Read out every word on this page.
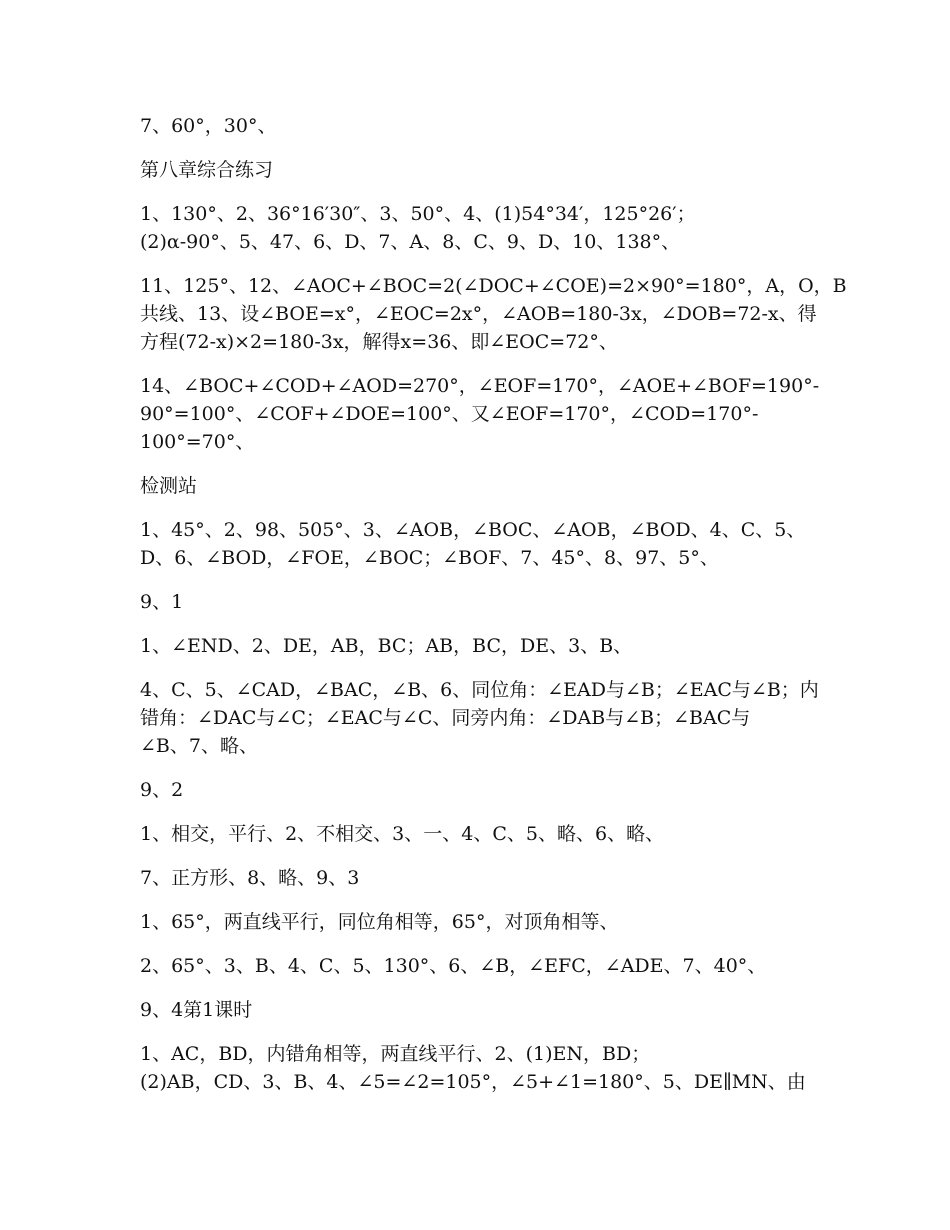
7、60°，30°、

第八章综合练习

1、130°、2、36°16′30″、3、50°、4、(1)54°34′，125°26′；
(2)α-90°、5、47、6、D、7、A、8、C、9、D、10、138°、

11、125°、12、∠AOC+∠BOC=2(∠DOC+∠COE)=2×90°=180°，A，O，B
共线、13、设∠BOE=x°，∠EOC=2x°，∠AOB=180-3x，∠DOB=72-x、得
方程(72-x)×2=180-3x，解得x=36、即∠EOC=72°、

14、∠BOC+∠COD+∠AOD=270°，∠EOF=170°，∠AOE+∠BOF=190°-
90°=100°、∠COF+∠DOE=100°、又∠EOF=170°，∠COD=170°-
100°=70°、

检测站

1、45°、2、98、505°、3、∠AOB，∠BOC、∠AOB，∠BOD、4、C、5、
D、6、∠BOD，∠FOE，∠BOC；∠BOF、7、45°、8、97、5°、

9、1

1、∠END、2、DE，AB，BC；AB，BC，DE、3、B、

4、C、5、∠CAD，∠BAC，∠B、6、同位角：∠EAD与∠B；∠EAC与∠B；内
错角：∠DAC与∠C；∠EAC与∠C、同旁内角：∠DAB与∠B；∠BAC与
∠B、7、略、

9、2

1、相交，平行、2、不相交、3、一、4、C、5、略、6、略、

7、正方形、8、略、9、3

1、65°，两直线平行，同位角相等，65°，对顶角相等、

2、65°、3、B、4、C、5、130°、6、∠B，∠EFC，∠ADE、7、40°、

9、4第1课时

1、AC，BD，内错角相等，两直线平行、2、(1)EN，BD；
(2)AB，CD、3、B、4、∠5=∠2=105°，∠5+∠1=180°、5、DE∥MN、由
